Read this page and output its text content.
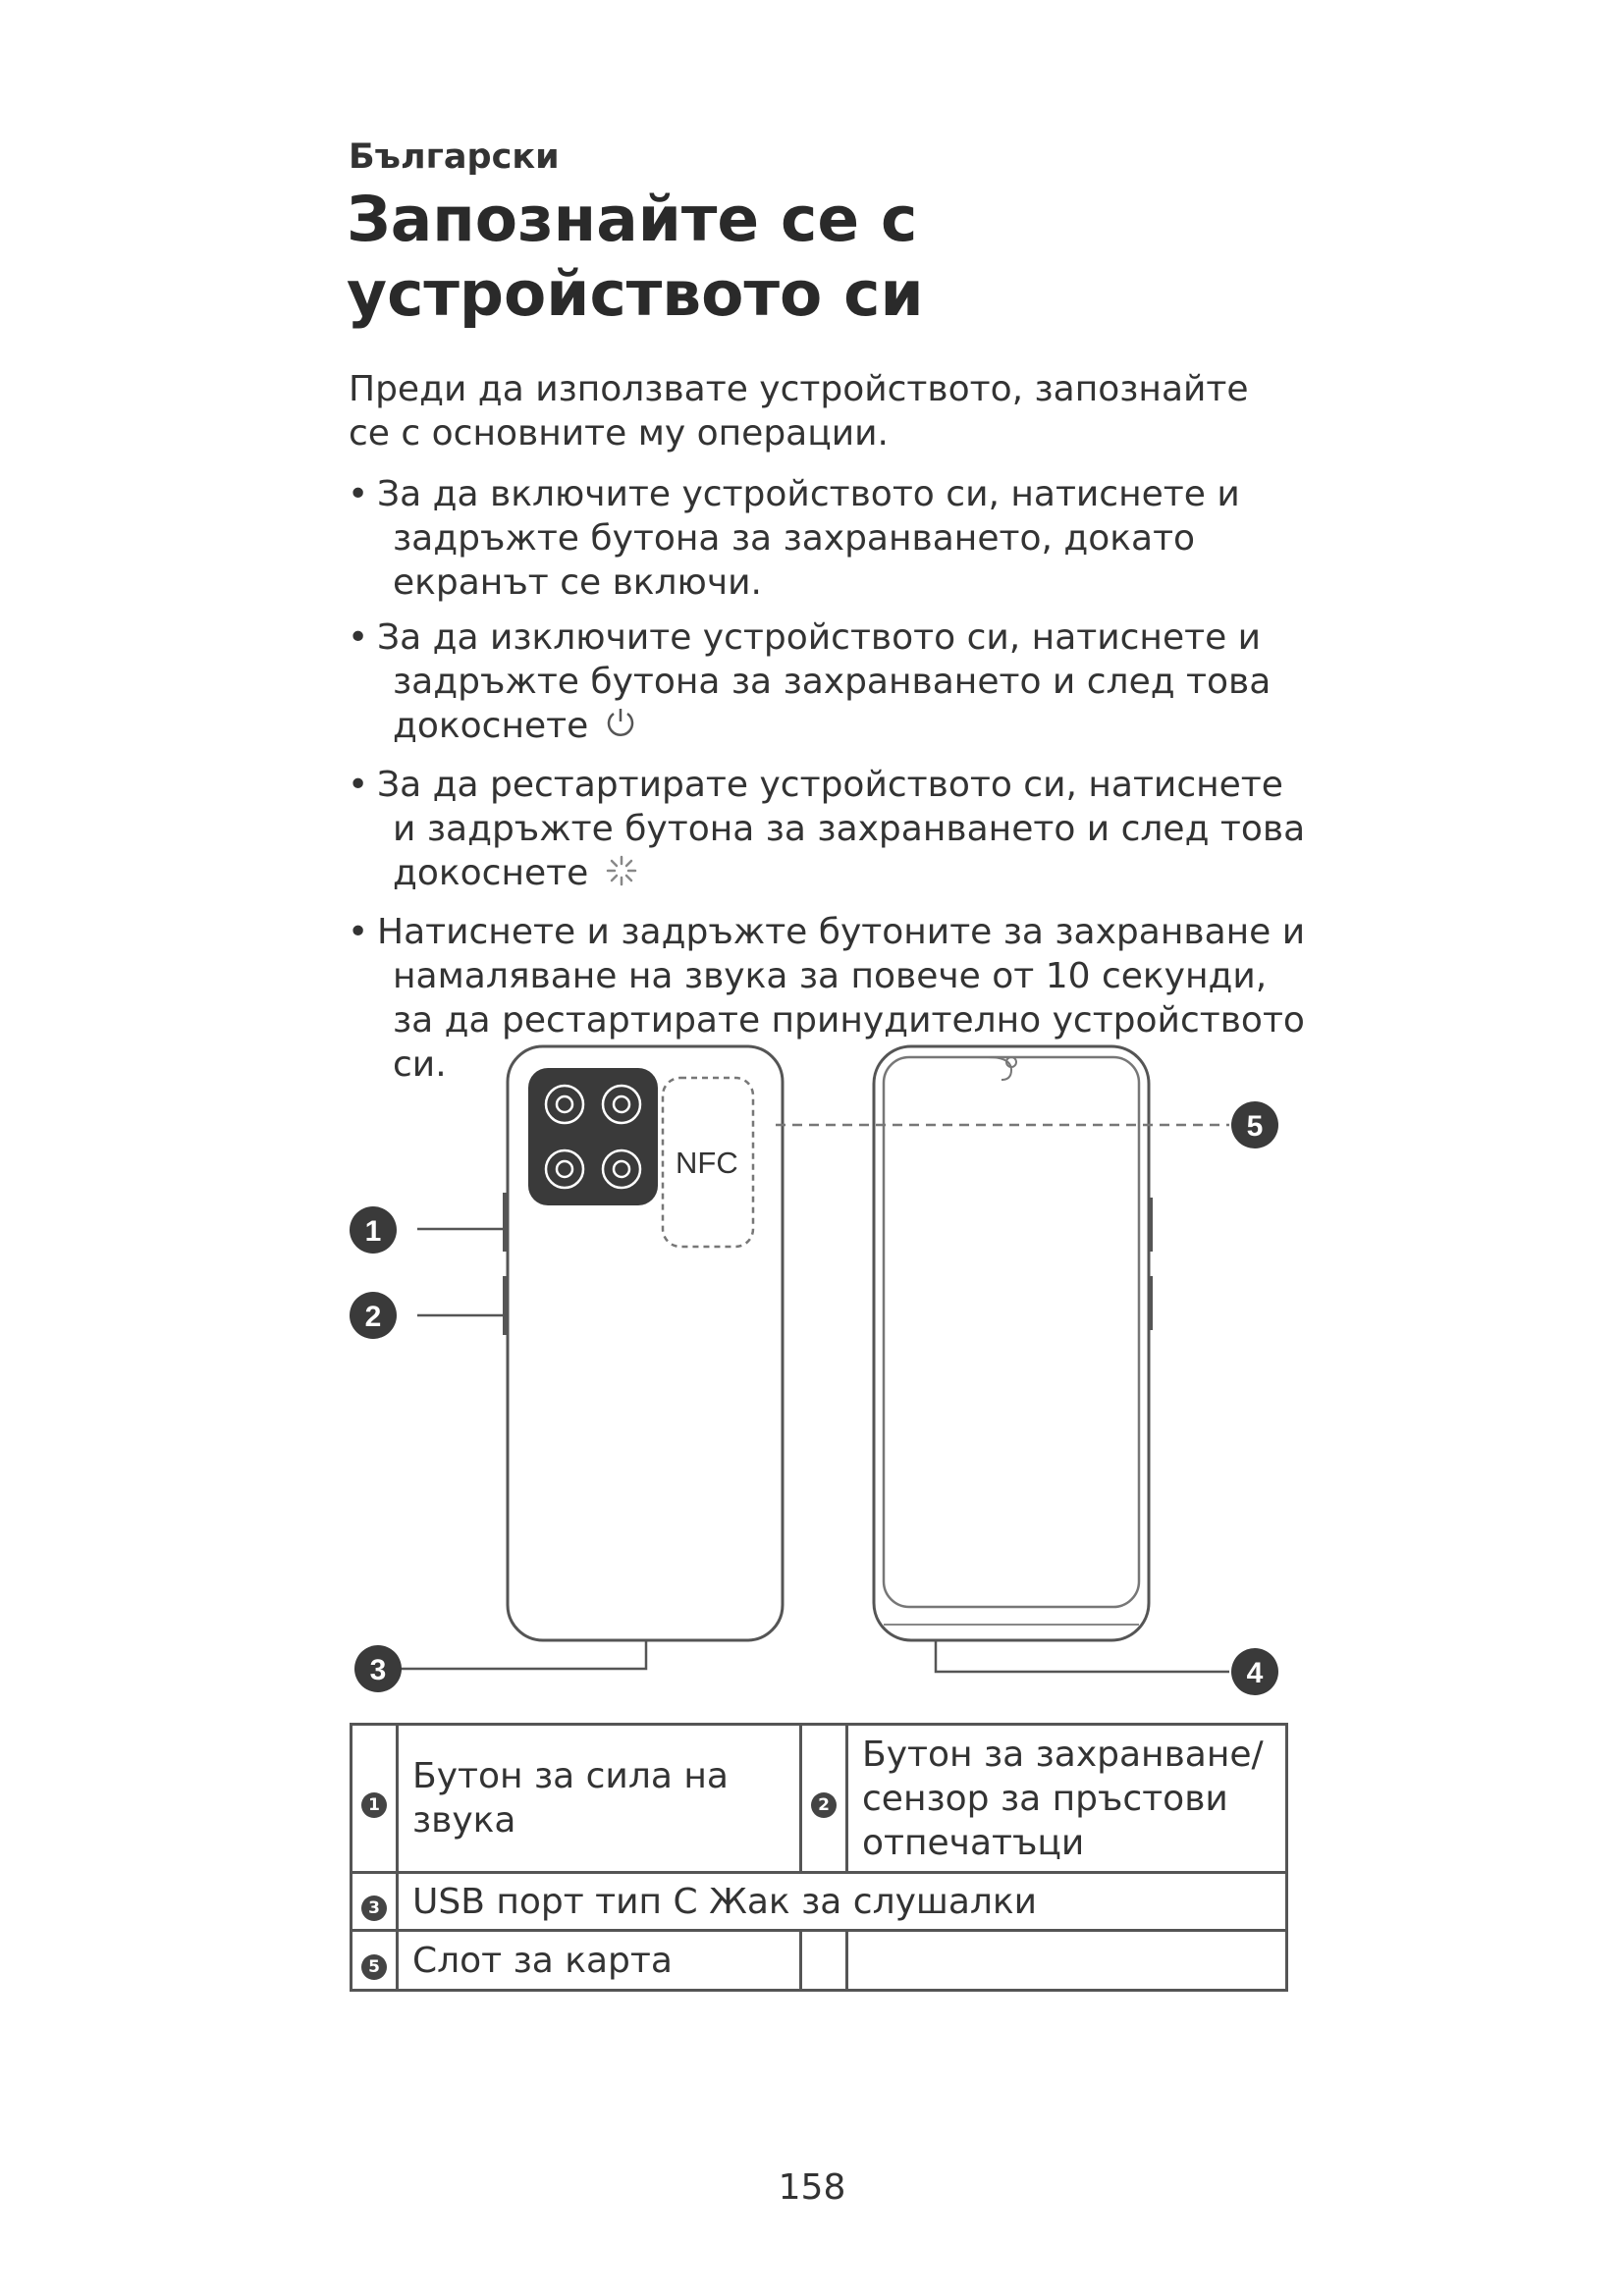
Български
Запознайте се с устройството си
Преди да използвате устройството, запознайте се с основните му операции.
• За да включите устройството си, натиснете и задръжте бутона за захранването, докато екранът се включи.
• За да изключите устройството си, натиснете и задръжте бутона за захранването и след това докоснете
• За да рестартирате устройството си, натиснете и задръжте бутона за захранването и след това докоснете
• Натиснете и задръжте бутоните за захранване и намаляване на звука за повече от 10 секунди, за да рестартирате принудително устройството си.
NFC
1
2
3	4
5
1	Бутон за сила на звука	2	Бутон за захранване/ сензор за пръстови отпечатъци
3	USB порт тип C Жак за слушалки		
5	Слот за карта		
158
